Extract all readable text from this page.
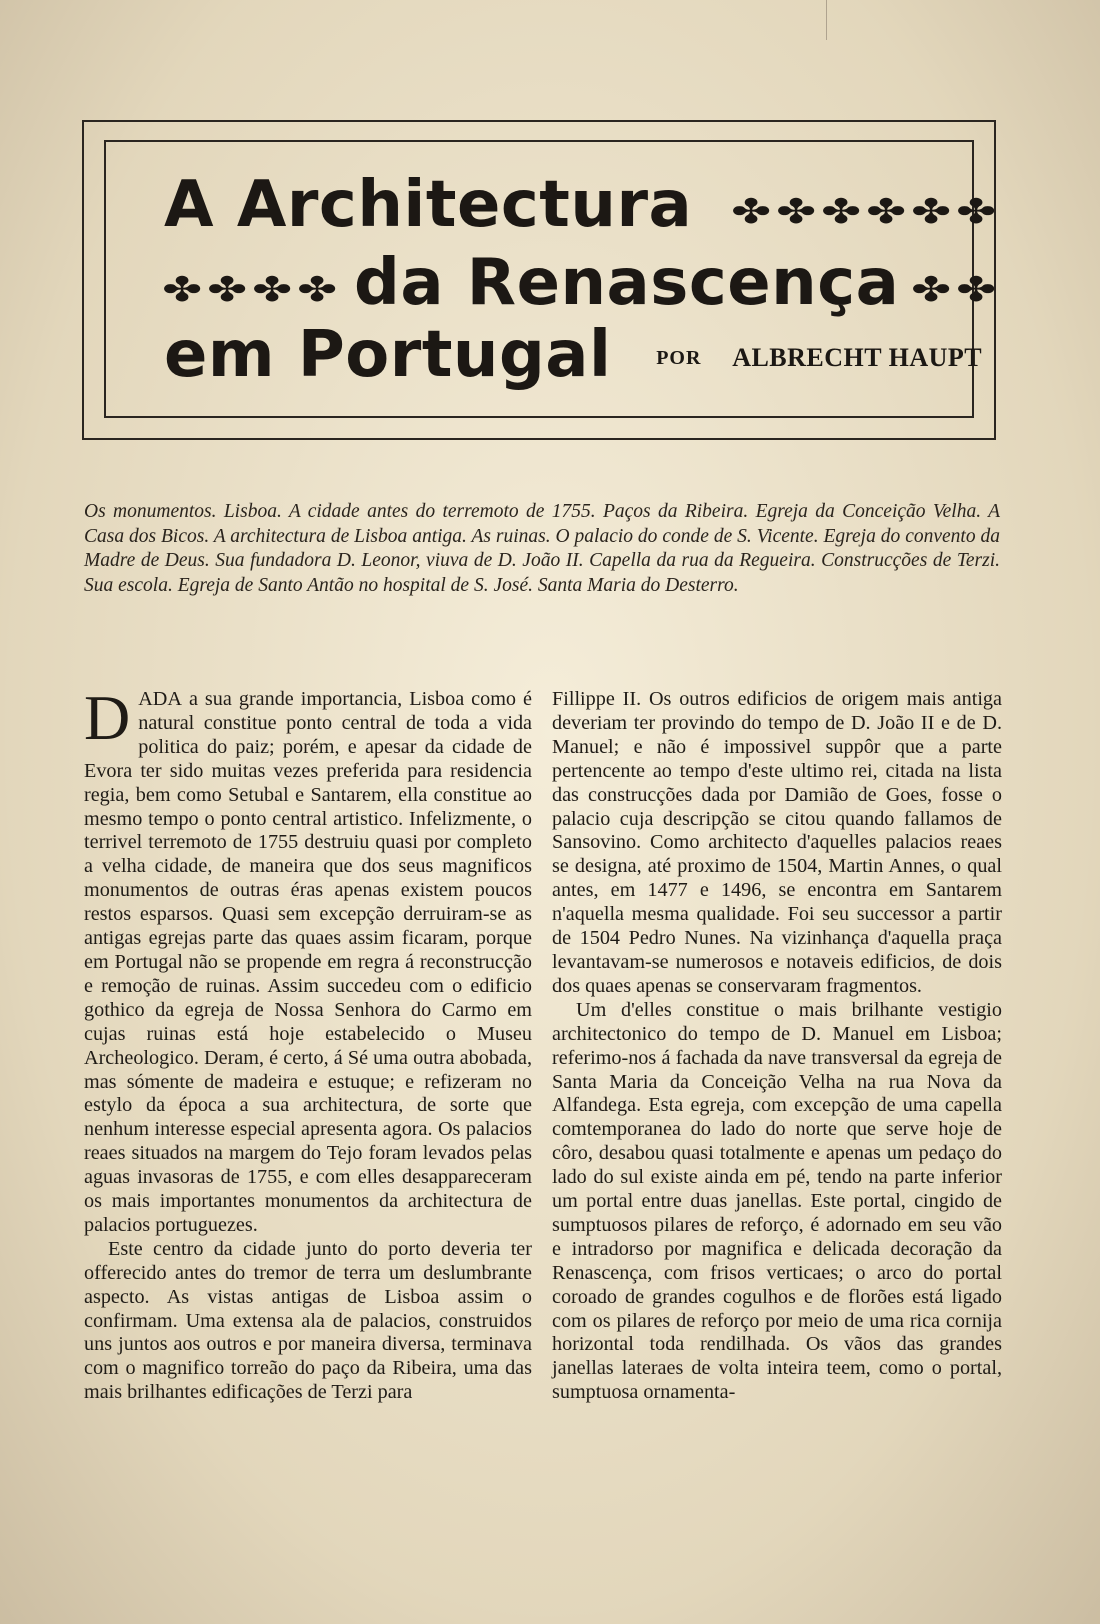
A Architectura ✤ ✤ ✤ ✤ ✤ ✤
✤ ✤ ✤ ✤ da Renascença ✤ ✤
em Portugal POR ALBRECHT HAUPT
Os monumentos. Lisboa. A cidade antes do terremoto de 1755. Paços da Ribeira. Egreja da Conceição Velha. A Casa dos Bicos. A architectura de Lisboa antiga. As ruinas. O palacio do conde de S. Vicente. Egreja do convento da Madre de Deus. Sua fundadora D. Leonor, viuva de D. João II. Capella da rua da Regueira. Construcções de Terzi. Sua escola. Egreja de Santo Antão no hospital de S. José. Santa Maria do Desterro.

DADA a sua grande importancia, Lisboa como é natural constitue ponto central de toda a vida politica do paiz; porém, e apesar da cidade de Evora ter sido muitas vezes preferida para residencia regia, bem como Setubal e Santarem, ella constitue ao mesmo tempo o ponto central artistico. Infelizmente, o terrivel terremoto de 1755 destruiu quasi por completo a velha cidade, de maneira que dos seus magnificos monumentos de outras éras apenas existem poucos restos esparsos. Quasi sem excepção derruiram-se as antigas egrejas parte das quaes assim ficaram, porque em Portugal não se propende em regra á reconstrucção e remoção de ruinas. Assim succedeu com o edificio gothico da egreja de Nossa Senhora do Carmo em cujas ruinas está hoje estabelecido o Museu Archeologico. Deram, é certo, á Sé uma outra abobada, mas sómente de madeira e estuque; e refizeram no estylo da época a sua architectura, de sorte que nenhum interesse especial apresenta agora. Os palacios reaes situados na margem do Tejo foram levados pelas aguas invasoras de 1755, e com elles desappareceram os mais importantes monumentos da architectura de palacios portuguezes.

Este centro da cidade junto do porto deveria ter offerecido antes do tremor de terra um deslumbrante aspecto. As vistas antigas de Lisboa assim o confirmam. Uma extensa ala de palacios, construidos uns juntos aos outros e por maneira diversa, terminava com o magnifico torreão do paço da Ribeira, uma das mais brilhantes edificações de Terzi para

Fillippe II. Os outros edificios de origem mais antiga deveriam ter provindo do tempo de D. João II e de D. Manuel; e não é impossivel suppôr que a parte pertencente ao tempo d'este ultimo rei, citada na lista das construcções dada por Damião de Goes, fosse o palacio cuja descripção se citou quando fallamos de Sansovino. Como architecto d'aquelles palacios reaes se designa, até proximo de 1504, Martin Annes, o qual antes, em 1477 e 1496, se encontra em Santarem n'aquella mesma qualidade. Foi seu successor a partir de 1504 Pedro Nunes. Na vizinhança d'aquella praça levantavam-se numerosos e notaveis edificios, de dois dos quaes apenas se conservaram fragmentos.

Um d'elles constitue o mais brilhante vestigio architectonico do tempo de D. Manuel em Lisboa; referimo-nos á fachada da nave transversal da egreja de Santa Maria da Conceição Velha na rua Nova da Alfandega. Esta egreja, com excepção de uma capella comtemporanea do lado do norte que serve hoje de côro, desabou quasi totalmente e apenas um pedaço do lado do sul existe ainda em pé, tendo na parte inferior um portal entre duas janellas. Este portal, cingido de sumptuosos pilares de reforço, é adornado em seu vão e intradorso por magnifica e delicada decoração da Renascença, com frisos verticaes; o arco do portal coroado de grandes cogulhos e de florões está ligado com os pilares de reforço por meio de uma rica cornija horizontal toda rendilhada. Os vãos das grandes janellas lateraes de volta inteira teem, como o portal, sumptuosa ornamenta-
